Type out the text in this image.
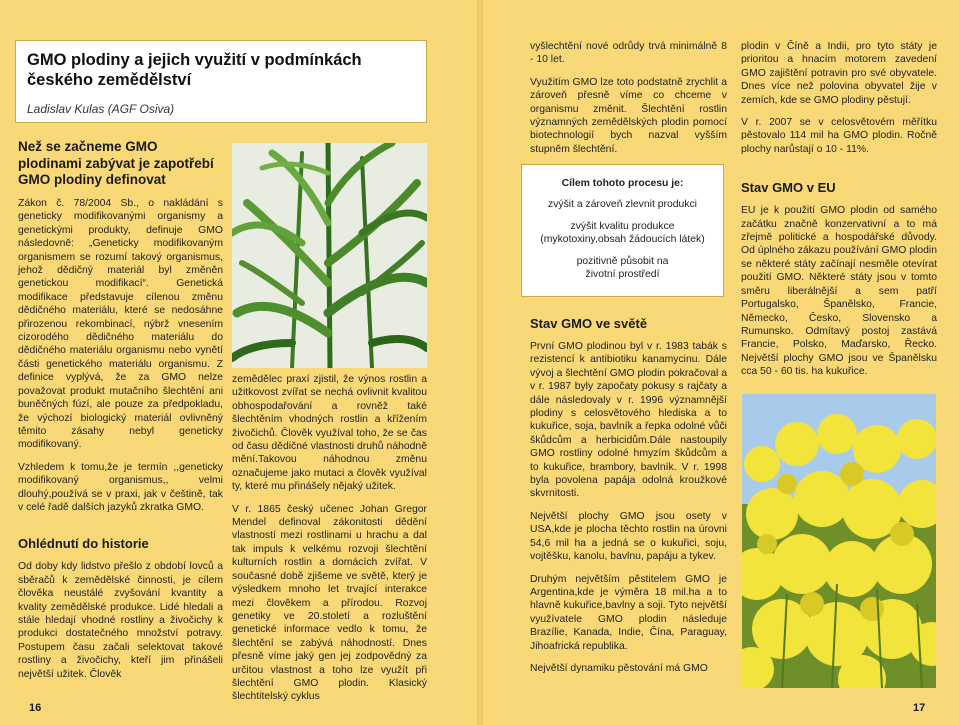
GMO plodiny a jejich využití v podmínkách českého zemědělství
Ladislav Kulas (AGF Osiva)
Než se začneme GMO plodinami zabývat je zapotřebí GMO plodiny definovat

Zákon č. 78/2004 Sb., o nakládání s geneticky modifikovanými organismy a genetickými produkty, definuje GMO následovně: „Geneticky modifikovaným organismem se rozumí takový organismus, jehož dědičný materiál byl změněn genetickou modifikací“. Genetická modifikace představuje cílenou změnu dědičného materiálu, které se nedosáhne přirozenou rekombinací, nýbrž vnesením cizorodého dědičného materiálu do dědičného materiálu organismu nebo vynětí části genetického materiálu organismu. Z definice vyplývá, že za GMO nelze považovat produkt mutačního šlechtění ani buněčných fúzí, ale pouze za předpokladu, že výchozí biologický materiál ovlivněný těmito zásahy nebyl geneticky modifikovaný.

Vzhledem k tomu,že je termín ,,geneticky modifikovaný organismus,, velmi dlouhý,používá se v praxi, jak v češtině, tak v celé řadě dalších jazyků zkratka GMO.

Ohlédnutí do historie

Od doby kdy lidstvo přešlo z období lovců a sběračů k zemědělské činnosti, je cílem člověka neustálé zvyšování kvantity a kvality zemědělské produkce. Lidé hledali a stále hledají vhodné rostliny a živočichy k produkci dostatečného množství potravy. Postupem času začali selektovat takové rostliny a živočichy, kteří jim přinášeli největší užitek. Člověk

zemědělec praxí zjistil, že výnos rostlin a užitkovost zvířat se nechá ovlivnit kvalitou obhospodařování a rovněž také šlechtěním vhodných rostlin a křížením živočichů. Člověk využíval toho, že se čas od času dědičné vlastnosti druhů náhodně mění.Takovou náhodnou změnu označujeme jako mutaci a člověk využíval ty, které mu přinášely nějaký užitek.

V r. 1865 český učenec Johan Gregor Mendel definoval zákonitosti dědění vlastností mezi rostlinami u hrachu a dal tak impuls k velkému rozvoji šlechtění kulturních rostlin a domácích zvířat. V současné době zjišeme ve světě, který je výsledkem mnoho let trvající interakce mezi člověkem a přírodou. Rozvoj genetiky ve 20.století a rozluštění genetické informace vedlo k tomu, že šlechtění se zabývá náhodností. Dnes přesně víme jaký gen jej zodpovědný za určitou vlastnost a toho lze využít při šlechtění GMO plodin. Klasický šlechtitelský cyklus

vyšlechtění nové odrůdy trvá minimálně 8 - 10 let.

Využitím GMO lze toto podstatně zrychlit a zároveň přesně víme co chceme v organismu změnit. Šlechtění rostlin významných zemědělských plodin pomocí biotechnologií bych nazval vyšším stupněm šlechtění.

Cílem tohoto procesu je:
zvýšit a zároveň zlevnit produkci
zvýšit kvalitu produkce (mykotoxiny,obsah žádoucích látek)
pozitivně působit na životní prostředí
Stav GMO ve světě

První GMO plodinou byl v r. 1983 tabák s rezistencí k antibiotiku kanamycinu. Dále vývoj a šlechtění GMO plodin pokračoval a v r. 1987 byly započaty pokusy s rajčaty a dále následovaly v r. 1996 významnější plodiny s celosvětového hlediska a to kukuřice, soja, bavlník a řepka odolné vůči škůdcům a herbicidům.Dále nastoupily GMO rostliny odolné hmyzím škůdcům a to kukuřice, brambory, bavlník. V r. 1998 byla povolena papája odolná kroužkové skvrnitosti.

Největší plochy GMO jsou osety v USA,kde je plocha těchto rostlin na úrovni 54,6 mil ha a jedná se o kukuřici, soju, vojtěšku, kanolu, bavlnu, papáju a tykev.

Druhým největším pěstitelem GMO je Argentina,kde je výměra 18 mil.ha a to hlavně kukuřice,bavlny a soji. Tyto největší využívatele GMO plodin následuje Brazílie, Kanada, Indie, Čína, Paraguay, Jihoafrická republika.

Největší dynamiku pěstování má GMO

plodin v Číně a Indii, pro tyto státy je prioritou a hnacím motorem zavedení GMO zajištění potravin pro své obyvatele. Dnes více než polovina obyvatel žije v zemích, kde se GMO plodiny pěstují.

V r. 2007 se v celosvětovém měřítku pěstovalo 114 mil ha GMO plodin. Ročně plochy narůstají o 10 - 11%.

Stav GMO v EU

EU je k použití GMO plodin od samého začátku značně konzervativní a to má zřejmě politické a hospodářské důvody. Od úplného zákazu používání GMO plodin se některé státy začínají nesměle otevírat použití GMO. Některé státy jsou v tomto směru liberálnější a sem patří Portugalsko, Španělsko, Francie, Německo, Česko, Slovensko a Rumunsko. Odmítavý postoj zastává Francie, Polsko, Maďarsko, Řecko. Největší plochy GMO jsou ve Španělsku cca 50 - 60 tis. ha kukuřice.

16	17
